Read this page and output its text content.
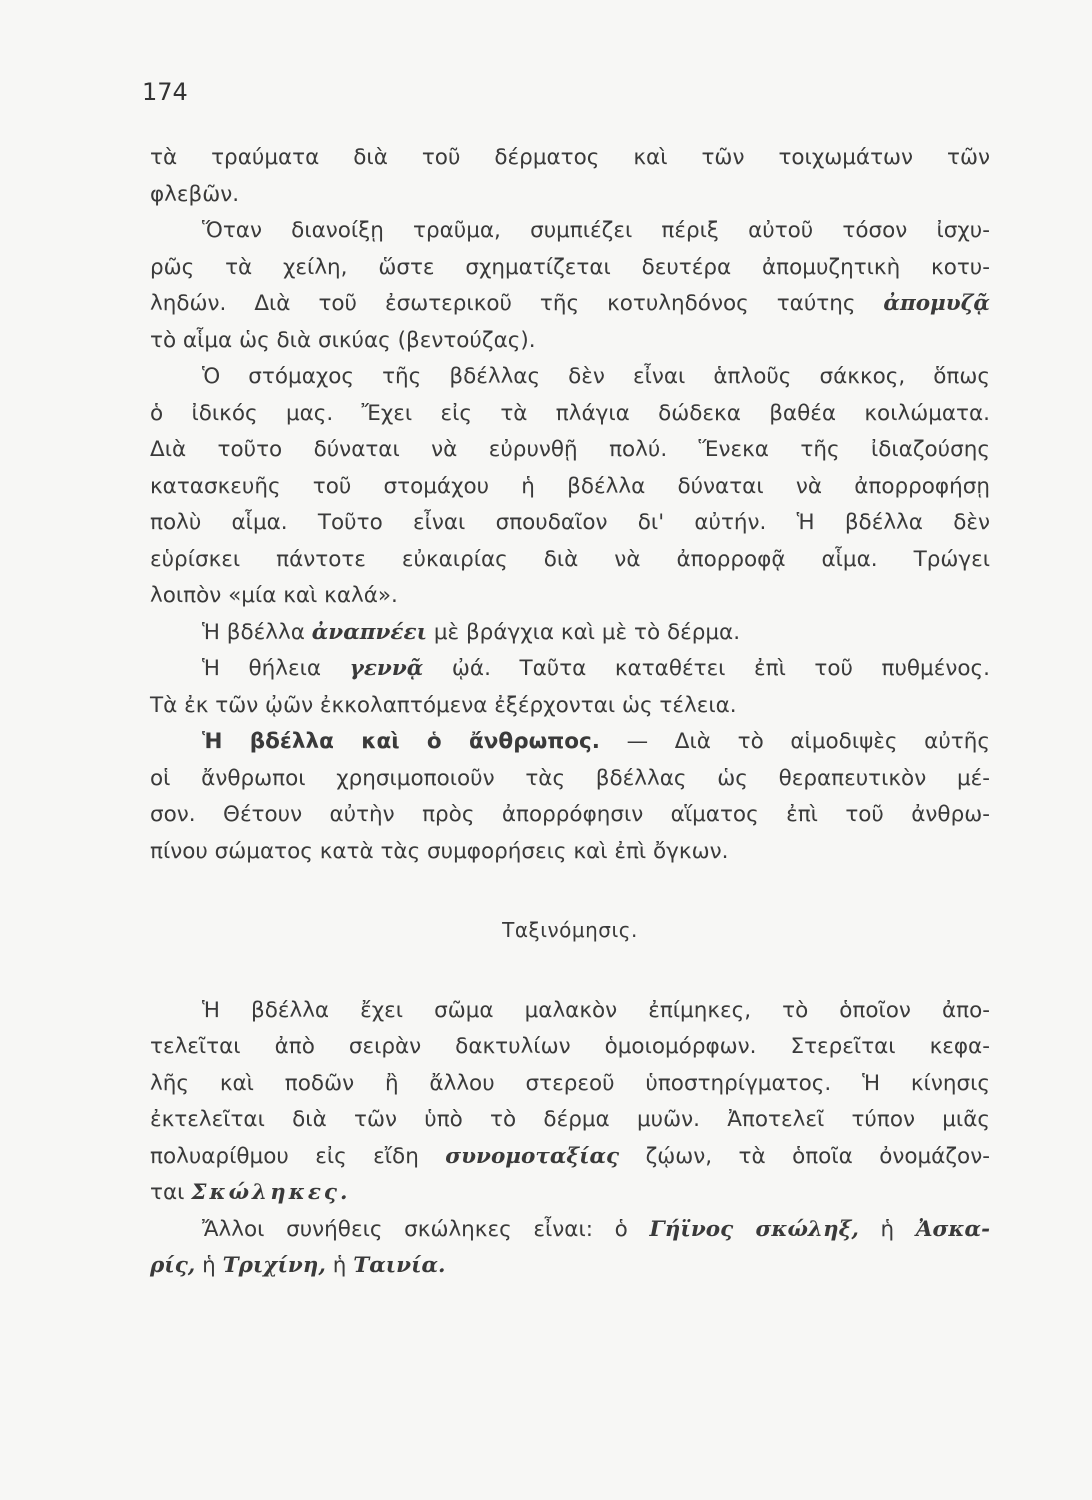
174

τὰ τραύματα διὰ τοῦ δέρματος καὶ τῶν τοιχωμάτων τῶν
φλεβῶν.

Ὅταν διανοίξῃ τραῦμα, συμπιέζει πέριξ αὐτοῦ τόσον ἰσχυ-
ρῶς τὰ χείλη, ὥστε σχηματίζεται δευτέρα ἀπομυζητικὴ κοτυ-
ληδών. Διὰ τοῦ ἐσωτερικοῦ τῆς κοτυληδόνος ταύτης ἀπομυζᾷ
τὸ αἷμα ὡς διὰ σικύας (βεντούζας).

Ὁ στόμαχος τῆς βδέλλας δὲν εἶναι ἁπλοῦς σάκκος, ὅπως
ὁ ἰδικός μας. Ἔχει εἰς τὰ πλάγια δώδεκα βαθέα κοιλώματα.
Διὰ τοῦτο δύναται νὰ εὐρυνθῇ πολύ. Ἕνεκα τῆς ἰδιαζούσης
κατασκευῆς τοῦ στομάχου ἡ βδέλλα δύναται νὰ ἀπορροφήσῃ
πολὺ αἷμα. Τοῦτο εἶναι σπουδαῖον δι' αὐτήν. Ἡ βδέλλα δὲν
εὑρίσκει πάντοτε εὐκαιρίας διὰ νὰ ἀπορροφᾷ αἷμα. Τρώγει
λοιπὸν «μία καὶ καλά».

Ἡ βδέλλα ἀναπνέει μὲ βράγχια καὶ μὲ τὸ δέρμα.

Ἡ θήλεια γεννᾷ ᾠά. Ταῦτα καταθέτει ἐπὶ τοῦ πυθμένος.
Τὰ ἐκ τῶν ᾠῶν ἐκκολαπτόμενα ἐξέρχονται ὡς τέλεια.

Ἡ βδέλλα καὶ ὁ ἄνθρωπος. — Διὰ τὸ αἱμοδιψὲς αὐτῆς
οἱ ἄνθρωποι χρησιμοποιοῦν τὰς βδέλλας ὡς θεραπευτικὸν μέ-
σον. Θέτουν αὐτὴν πρὸς ἀπορρόφησιν αἵματος ἐπὶ τοῦ ἀνθρω-
πίνου σώματος κατὰ τὰς συμφορήσεις καὶ ἐπὶ ὄγκων.

Ταξινόμησις.

Ἡ βδέλλα ἔχει σῶμα μαλακὸν ἐπίμηκες, τὸ ὁποῖον ἀπο-
τελεῖται ἀπὸ σειρὰν δακτυλίων ὁμοιομόρφων. Στερεῖται κεφα-
λῆς καὶ ποδῶν ἢ ἄλλου στερεοῦ ὑποστηρίγματος. Ἡ κίνησις
ἐκτελεῖται διὰ τῶν ὑπὸ τὸ δέρμα μυῶν. Ἀποτελεῖ τύπον μιᾶς
πολυαρίθμου εἰς εἴδη συνομοταξίας ζῴων, τὰ ὁποῖα ὀνομάζον-
ται Σκώληκες.

Ἄλλοι συνήθεις σκώληκες εἶναι: ὁ Γήϊνος σκώληξ, ἡ Ἀσκα-
ρίς, ἡ Τριχίνη, ἡ Ταινία.
